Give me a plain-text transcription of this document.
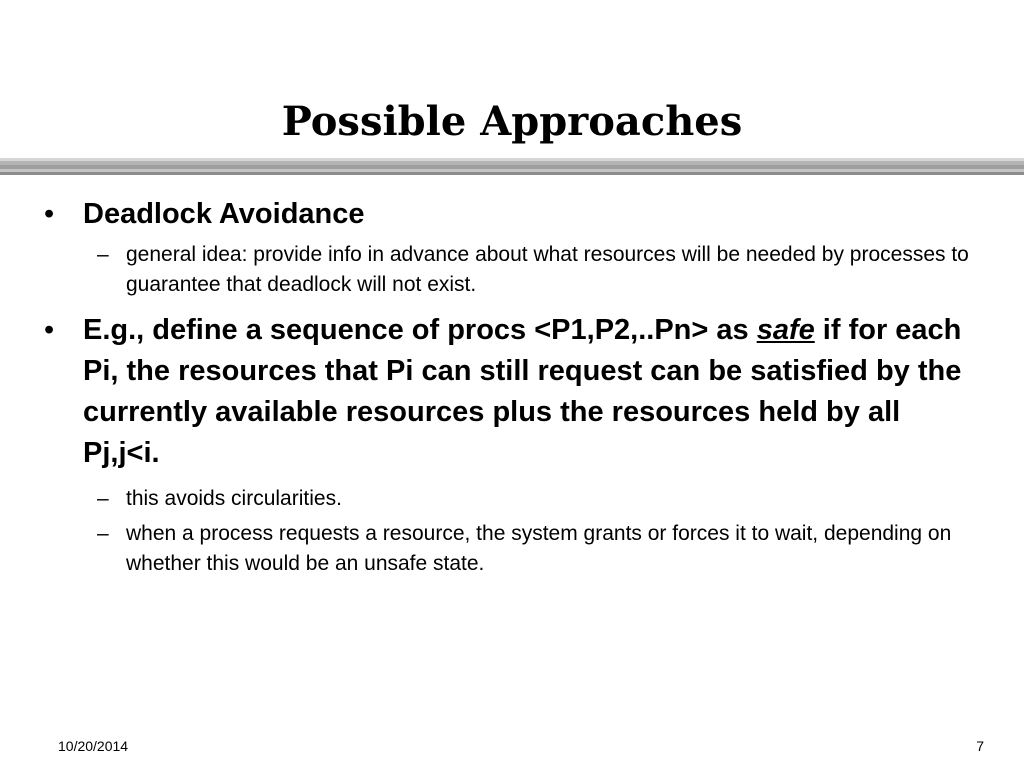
Possible Approaches

• Deadlock Avoidance

– general idea: provide info in advance about what resources will be needed by processes to guarantee that deadlock will not exist.

• E.g., define a sequence of procs <P1,P2,..Pn> as safe if for each Pi, the resources that Pi can still request can be satisfied by the currently available resources plus the resources held by all Pj,j<i.

– this avoids circularities.

– when a process requests a resource, the system grants or forces it to wait, depending on whether this would be an unsafe state.

10/20/2014	7
